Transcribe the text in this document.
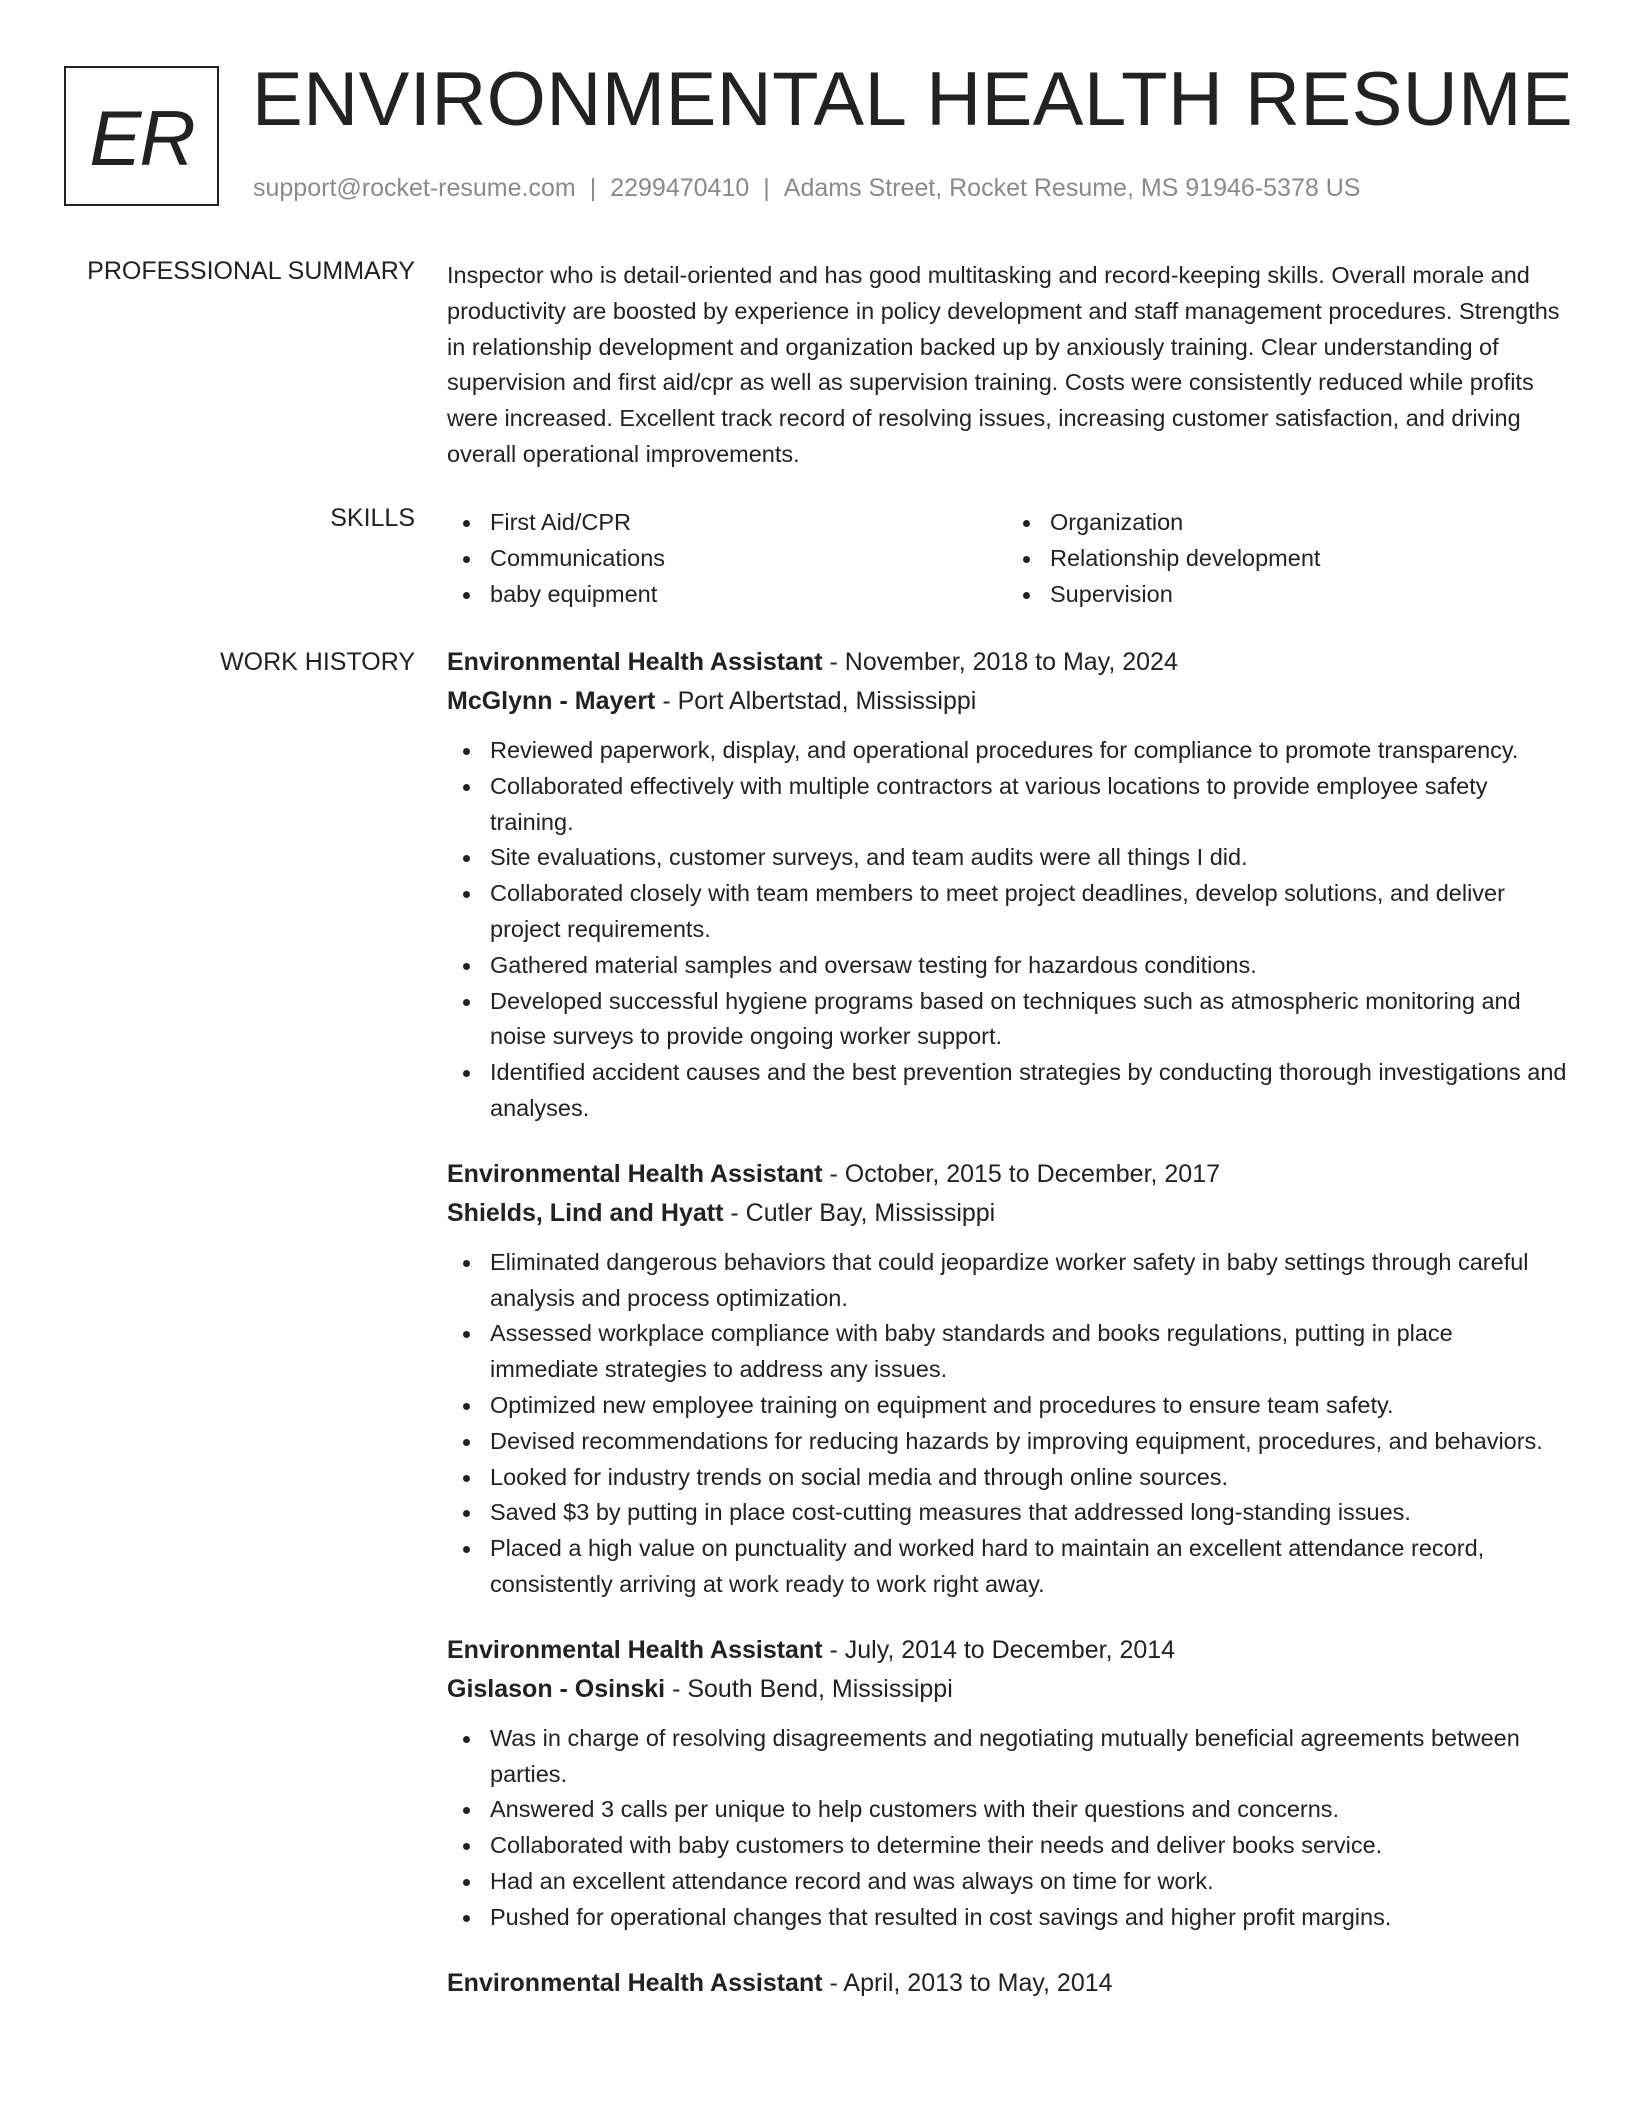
ER ENVIRONMENTAL HEALTH RESUME
support@rocket-resume.com | 2299470410 | Adams Street, Rocket Resume, MS 91946-5378 US
PROFESSIONAL SUMMARY Inspector who is detail-oriented and has good multitasking and record-keeping skills. Overall morale and productivity are boosted by experience in policy development and staff management procedures. Strengths in relationship development and organization backed up by anxiously training. Clear understanding of supervision and first aid/cpr as well as supervision training. Costs were consistently reduced while profits were increased. Excellent track record of resolving issues, increasing customer satisfaction, and driving overall operational improvements.

SKILLS	First Aid/CPR
Communications
baby equipment
Organization
Relationship development
Supervision
WORK HISTORY Environmental Health Assistant - November, 2018 to May, 2024
McGlynn - Mayert - Port Albertstad, Mississippi
Reviewed paperwork, display, and operational procedures for compliance to promote transparency.
Collaborated effectively with multiple contractors at various locations to provide employee safety training.
Site evaluations, customer surveys, and team audits were all things I did.
Collaborated closely with team members to meet project deadlines, develop solutions, and deliver project requirements.
Gathered material samples and oversaw testing for hazardous conditions.
Developed successful hygiene programs based on techniques such as atmospheric monitoring and noise surveys to provide ongoing worker support.
Identified accident causes and the best prevention strategies by conducting thorough investigations and analyses.
Environmental Health Assistant - October, 2015 to December, 2017
Shields, Lind and Hyatt - Cutler Bay, Mississippi
Eliminated dangerous behaviors that could jeopardize worker safety in baby settings through careful analysis and process optimization.
Assessed workplace compliance with baby standards and books regulations, putting in place immediate strategies to address any issues.
Optimized new employee training on equipment and procedures to ensure team safety.
Devised recommendations for reducing hazards by improving equipment, procedures, and behaviors.
Looked for industry trends on social media and through online sources.
Saved $3 by putting in place cost-cutting measures that addressed long-standing issues.
Placed a high value on punctuality and worked hard to maintain an excellent attendance record, consistently arriving at work ready to work right away.
Environmental Health Assistant - July, 2014 to December, 2014
Gislason - Osinski - South Bend, Mississippi
Was in charge of resolving disagreements and negotiating mutually beneficial agreements between parties.
Answered 3 calls per unique to help customers with their questions and concerns.
Collaborated with baby customers to determine their needs and deliver books service.
Had an excellent attendance record and was always on time for work.
Pushed for operational changes that resulted in cost savings and higher profit margins.
Environmental Health Assistant - April, 2013 to May, 2014
